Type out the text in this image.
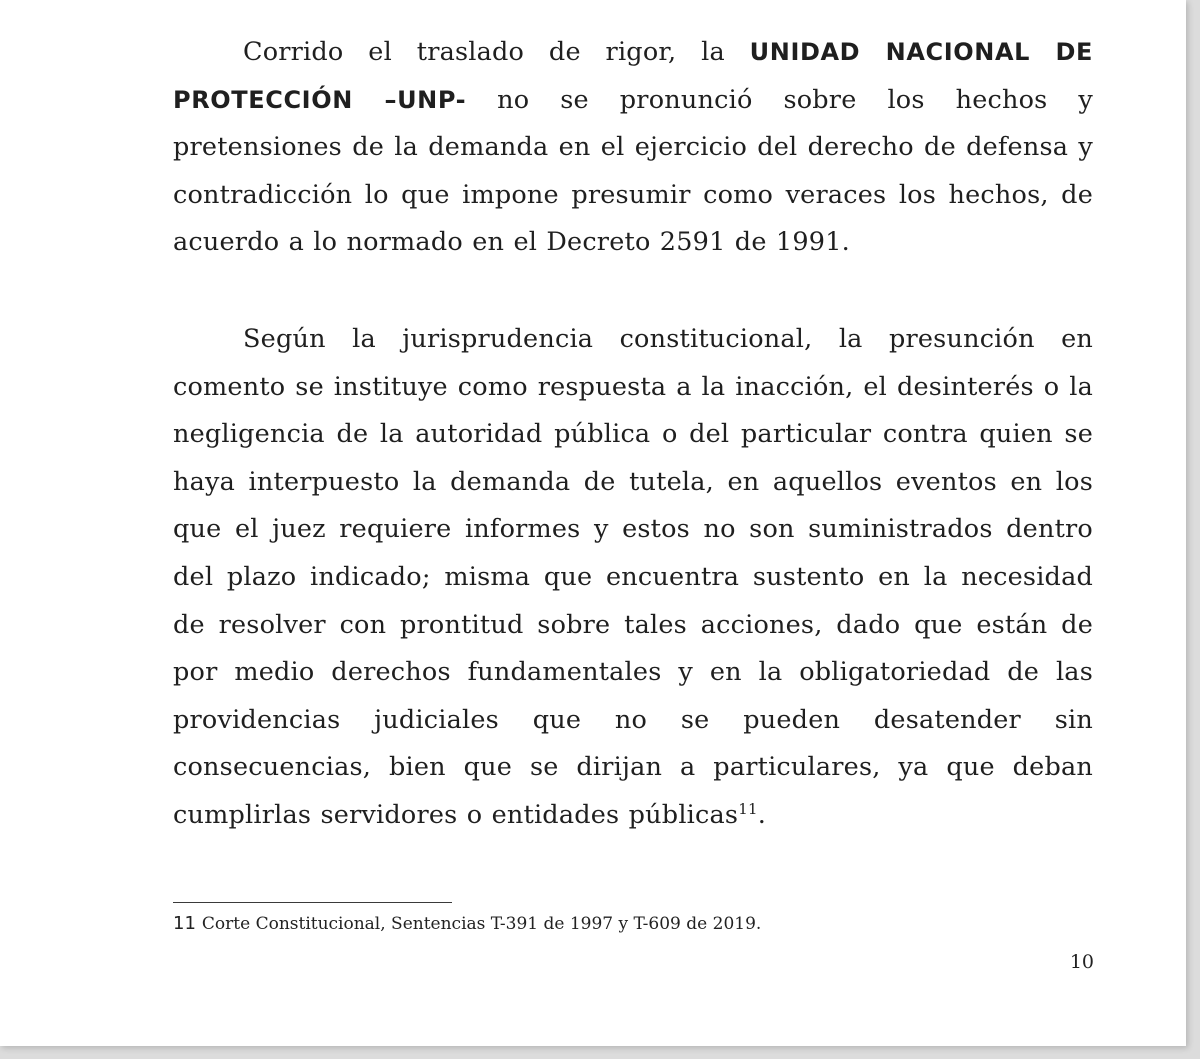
Corrido el traslado de rigor, la UNIDAD NACIONAL DE PROTECCIÓN –UNP- no se pronunció sobre los hechos y pretensiones de la demanda en el ejercicio del derecho de defensa y contradicción lo que impone presumir como veraces los hechos, de acuerdo a lo normado en el Decreto 2591 de 1991.

Según la jurisprudencia constitucional, la presunción en comento se instituye como respuesta a la inacción, el desinterés o la negligencia de la autoridad pública o del particular contra quien se haya interpuesto la demanda de tutela, en aquellos eventos en los que el juez requiere informes y estos no son suministrados dentro del plazo indicado; misma que encuentra sustento en la necesidad de resolver con prontitud sobre tales acciones, dado que están de por medio derechos fundamentales y en la obligatoriedad de las providencias judiciales que no se pueden desatender sin consecuencias, bien que se dirijan a particulares, ya que deban cumplirlas servidores o entidades públicas$^{11}$.

11 Corte Constitucional, Sentencias T-391 de 1997 y T-609 de 2019.

10
